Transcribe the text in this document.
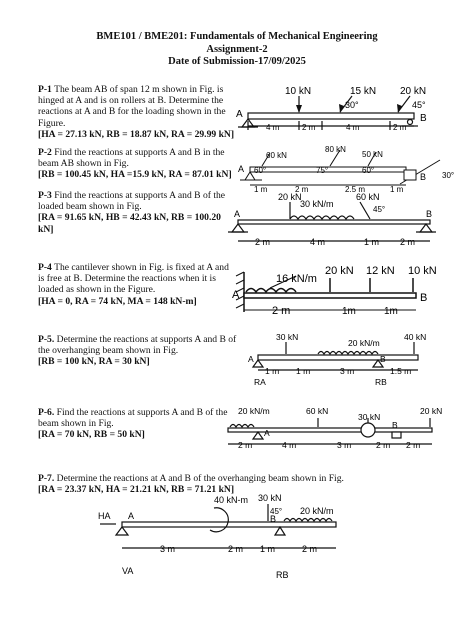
BME101 / BME201: Fundamentals of Mechanical Engineering
Assignment-2
Date of Submission-17/09/2025
P-1 The beam AB of span 12 m shown in Fig. is hinged at A and is on rollers at B. Determine the reactions at A and B for the loading shown in the Figure.
[HA = 27.13 kN, RB = 18.87 kN, RA = 29.99 kN]
P-2 Find the reactions at supports A and B in the beam AB shown in Fig.
[RB = 100.45 kN, HA =15.9 kN, RA = 87.01 kN]
P-3 Find the reactions at supports A and B of the loaded beam shown in Fig.
[RA = 91.65 kN, HB = 42.43 kN, RB = 100.20 kN]
P-4 The cantilever shown in Fig. is fixed at A and is free at B. Determine the reactions when it is loaded as shown in the Figure.
[HA = 0, RA = 74 kN, MA = 148 kN-m]
P-5. Determine the reactions at supports A and B of the overhanging beam shown in Fig.
[RB = 100 kN, RA = 30 kN]
P-6. Find the reactions at supports A and B of the beam shown in Fig.
[RA = 70 kN, RB = 50 kN]
P-7. Determine the reactions at A and B of the overhanging beam shown in Fig.
[RA = 23.37 kN, HA = 21.21 kN, RB = 71.21 kN]
10 kN	15 kN 20 kN
30°	45°
A	B
4 m	2 m	4 m	2 m
60 kN
80 kN
50 kN
60°	75°	60°
30°
A
B
1 m	2 m	2.5 m	1 m
20 kN
30 kN/m
60 kN
45°
A	B
2 m	4 m	1 m 2 m
16 kN/m
20 kN 12 kN 10 kN
A	B
2 m	1m	1m
30 kN
20 kN/m
40 kN
A	B
RA	RB
1 m 1 m	3 m	1.5 m
20 kN/m	60 kN
30 kN
20 kN
A
B
2 m	4 m	3 m	2 m 2 m
HA
40 kN-m 30 kN
20 kN/m
45°
A	B
VA	RB
3 m	2 m 1 m	2 m
